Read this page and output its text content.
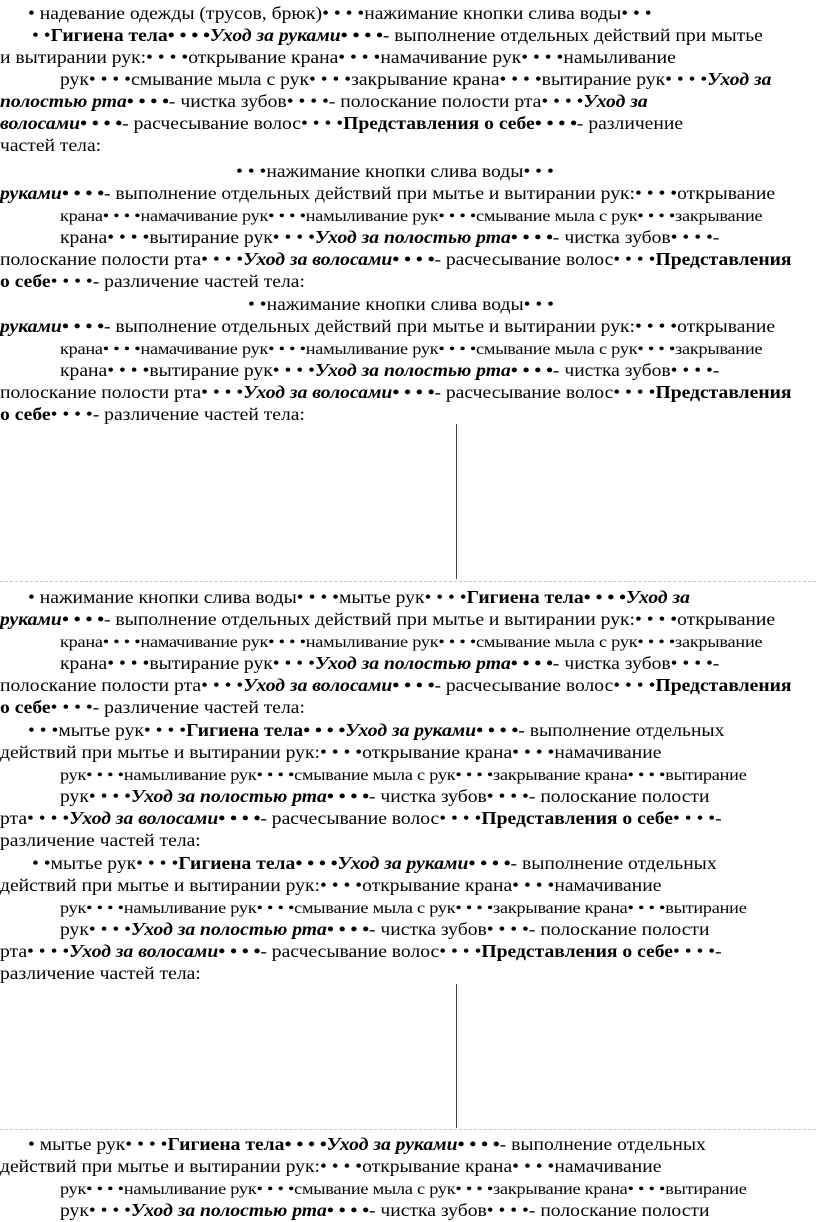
• надевание одежды (трусов, брюк)• • • •нажимание кнопки слива воды• • •
• •Гигиена тела• • • •Уход за руками• • • •- выполнение отдельных действий при мытье
и вытирании рук:• • • •открывание крана• • • •намачивание рук• • • •намыливание
рук• • • •смывание мыла с рук• • • •закрывание крана• • • •вытирание рук• • • •Уход за
полостью рта• • • •- чистка зубов• • • •- полоскание полости рта• • • •Уход за
волосами• • • •- расчесывание волос• • • •Представления о себе• • • •- различение
частей тела:
• • •нажимание кнопки слива воды• • •
руками• • • •- выполнение отдельных действий при мытье и вытирании рук:• • • •открывание
крана• • • •намачивание рук• • • •намыливание рук• • • •смывание мыла с рук• • • •закрывание
крана• • • •вытирание рук• • • •Уход за полостью рта• • • •- чистка зубов• • • •-
полоскание полости рта• • • •Уход за волосами• • • •- расчесывание волос• • • •Представления
о себе• • • •- различение частей тела:
• •нажимание кнопки слива воды• • •
руками• • • •- выполнение отдельных действий при мытье и вытирании рук:• • • •открывание
крана• • • •намачивание рук• • • •намыливание рук• • • •смывание мыла с рук• • • •закрывание
крана• • • •вытирание рук• • • •Уход за полостью рта• • • •- чистка зубов• • • •-
полоскание полости рта• • • •Уход за волосами• • • •- расчесывание волос• • • •Представления
о себе• • • •- различение частей тела:
• нажимание кнопки слива воды• • • •мытье рук• • • •Гигиена тела• • • •Уход за
руками• • • •- выполнение отдельных действий при мытье и вытирании рук:• • • •открывание
крана• • • •намачивание рук• • • •намыливание рук• • • •смывание мыла с рук• • • •закрывание
крана• • • •вытирание рук• • • •Уход за полостью рта• • • •- чистка зубов• • • •-
полоскание полости рта• • • •Уход за волосами• • • •- расчесывание волос• • • •Представления
о себе• • • •- различение частей тела:
• • •мытье рук• • • •Гигиена тела• • • •Уход за руками• • • •- выполнение отдельных
действий при мытье и вытирании рук:• • • •открывание крана• • • •намачивание
рук• • • •намыливание рук• • • •смывание мыла с рук• • • •закрывание крана• • • •вытирание
рук• • • •Уход за полостью рта• • • •- чистка зубов• • • •- полоскание полости
рта• • • •Уход за волосами• • • •- расчесывание волос• • • •Представления о себе• • • •-
различение частей тела:
• •мытье рук• • • •Гигиена тела• • • •Уход за руками• • • •- выполнение отдельных
действий при мытье и вытирании рук:• • • •открывание крана• • • •намачивание
рук• • • •намыливание рук• • • •смывание мыла с рук• • • •закрывание крана• • • •вытирание
рук• • • •Уход за полостью рта• • • •- чистка зубов• • • •- полоскание полости
рта• • • •Уход за волосами• • • •- расчесывание волос• • • •Представления о себе• • • •-
различение частей тела:
• мытье рук• • • •Гигиена тела• • • •Уход за руками• • • •- выполнение отдельных
действий при мытье и вытирании рук:• • • •открывание крана• • • •намачивание
рук• • • •намыливание рук• • • •смывание мыла с рук• • • •закрывание крана• • • •вытирание
рук• • • •Уход за полостью рта• • • •- чистка зубов• • • •- полоскание полости
